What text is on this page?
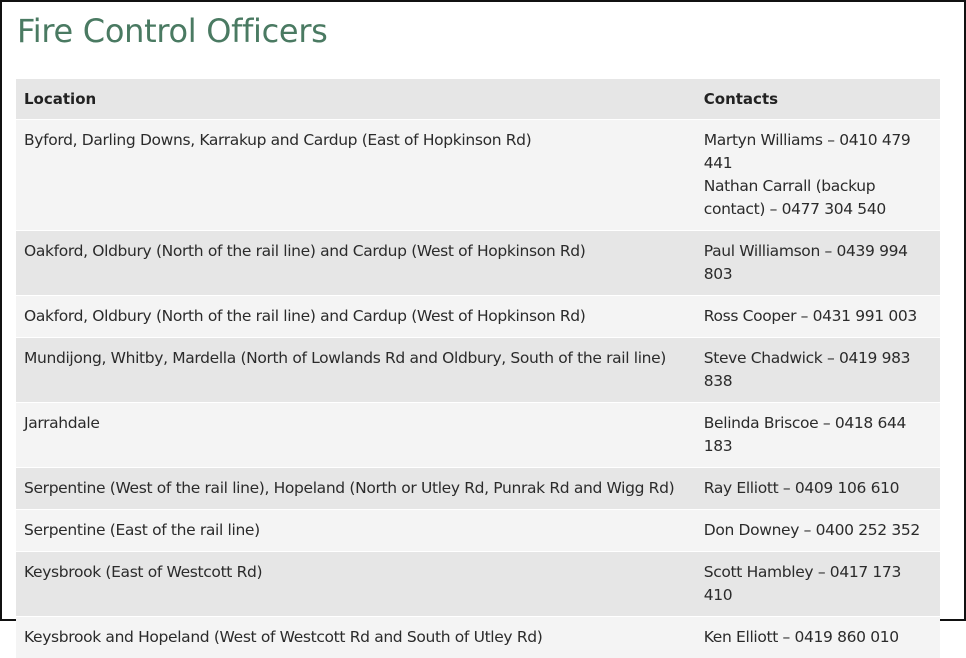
Fire Control Officers
Location	Contacts
Byford, Darling Downs, Karrakup and Cardup (East of Hopkinson Rd)	Martyn Williams – 0410 479 441
Nathan Carrall (backup contact) – 0477 304 540

Oakford, Oldbury (North of the rail line) and Cardup (West of Hopkinson Rd)	Paul Williamson – 0439 994 803

Oakford, Oldbury (North of the rail line) and Cardup (West of Hopkinson Rd)	Ross Cooper – 0431 991 003

Mundijong, Whitby, Mardella (North of Lowlands Rd and Oldbury, South of the rail line)	Steve Chadwick – 0419 983 838

Jarrahdale	Belinda Briscoe – 0418 644 183

Serpentine (West of the rail line), Hopeland (North or Utley Rd, Punrak Rd and Wigg Rd)	Ray Elliott – 0409 106 610

Serpentine (East of the rail line)	Don Downey – 0400 252 352

Keysbrook (East of Westcott Rd)	Scott Hambley – 0417 173 410

Keysbrook and Hopeland (West of Westcott Rd and South of Utley Rd)	Ken Elliott – 0419 860 010
